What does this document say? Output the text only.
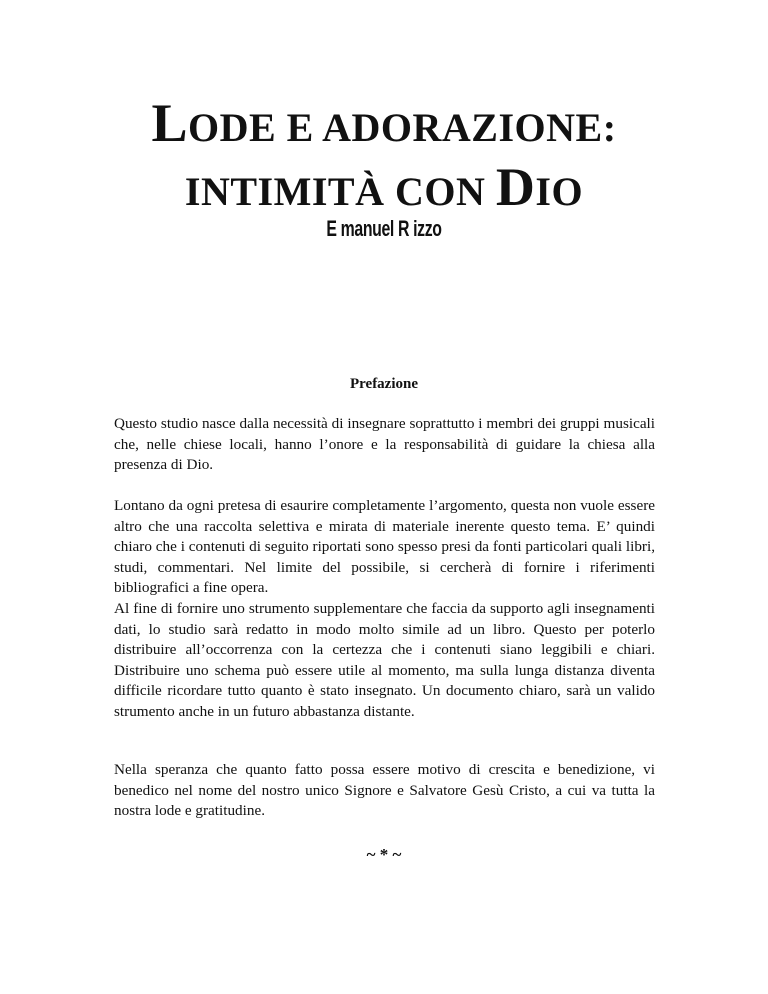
LODE E ADORAZIONE:
INTIMITÀ CON DIO

E manuel R izzo

Prefazione

Questo studio nasce dalla necessità di insegnare soprattutto i membri dei gruppi musicali che, nelle chiese locali, hanno l’onore e la responsabilità di guidare la chiesa alla presenza di Dio.

Lontano da ogni pretesa di esaurire completamente l’argomento, questa non vuole essere altro che una raccolta selettiva e mirata di materiale inerente questo tema. E’ quindi chiaro che i contenuti di seguito riportati sono spesso presi da fonti particolari quali libri, studi, commentari. Nel limite del possibile, si cercherà di fornire i riferimenti bibliografici a fine opera.

Al fine di fornire uno strumento supplementare che faccia da supporto agli insegnamenti dati, lo studio sarà redatto in modo molto simile ad un libro. Questo per poterlo distribuire all’occorrenza con la certezza che i contenuti siano leggibili e chiari. Distribuire uno schema può essere utile al momento, ma sulla lunga distanza diventa difficile ricordare tutto quanto è stato insegnato. Un documento chiaro, sarà un valido strumento anche in un futuro abbastanza distante.

Nella speranza che quanto fatto possa essere motivo di crescita e benedizione, vi benedico nel nome del nostro unico Signore e Salvatore Gesù Cristo, a cui va tutta la nostra lode e gratitudine.

~ * ~
